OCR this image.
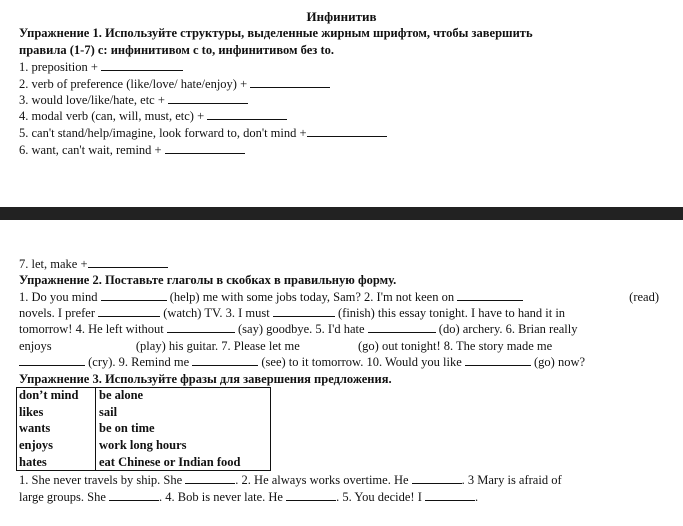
Инфинитив
Упражнение 1. Используйте структуры, выделенные жирным шрифтом, чтобы завершить
правила (1-7) с: инфинитивом с to, инфинитивом без to.
1. preposition +
2. verb of preference (like/love/ hate/enjoy) +
3. would love/like/hate, etc +
4. modal verb (can, will, must, etc) +
5. can't stand/help/imagine, look forward to, don't mind +
6. want, can't wait, remind +
7. let, make +
Упражнение 2. Поставьте глаголы в скобках в правильную форму.
1. Do you mind	(help) me with some jobs today, Sam? 2. I'm not keen on	(read)
novels. I prefer	(watch) TV. 3. I must	(finish) this essay tonight. I have to hand it in
tomorrow! 4. He left without	(say) goodbye. 5. I'd hate	(do) archery. 6. Brian really
enjoys	(play) his guitar. 7. Please let me	(go) out tonight! 8. The story made me
(cry). 9. Remind me	(see) to it tomorrow. 10. Would you like	(go) now?
Упражнение 3. Используйте фразы для завершения предложения.
don’t mind	be alone
likes	sail
wants	be on time
enjoys	work long hours
hates	eat Chinese or Indian food
1. She never travels by ship. She	. 2. He always works overtime. He	. 3 Mary is afraid of
large groups. She	. 4. Bob is never late. He	. 5. You decide! I	.
